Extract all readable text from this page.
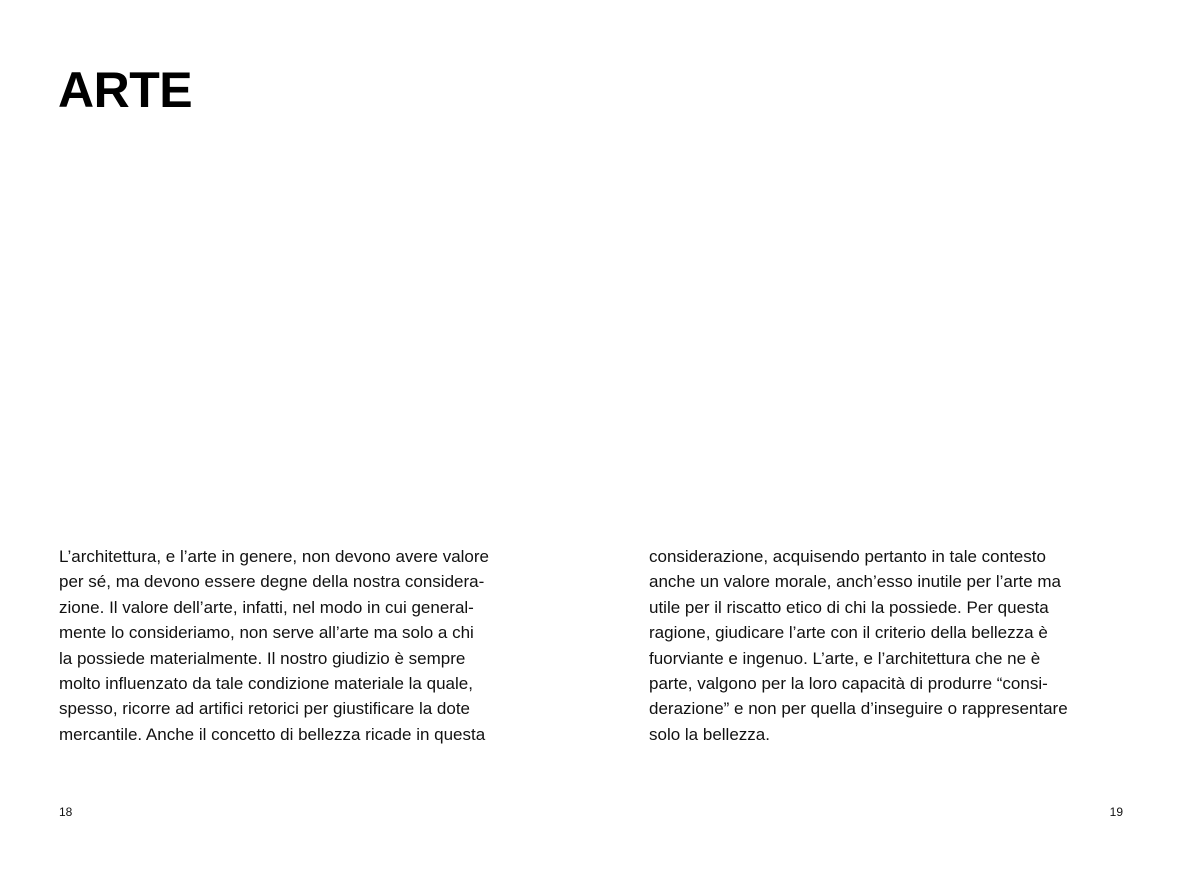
ARTE

L’architettura, e l’arte in genere, non devono avere valore
per sé, ma devono essere degne della nostra considera-
zione. Il valore dell’arte, infatti, nel modo in cui general-
mente lo consideriamo, non serve all’arte ma solo a chi
la possiede materialmente. Il nostro giudizio è sempre
molto influenzato da tale condizione materiale la quale,
spesso, ricorre ad artifici retorici per giustificare la dote
mercantile. Anche il concetto di bellezza ricade in questa

considerazione, acquisendo pertanto in tale contesto
anche un valore morale, anch’esso inutile per l’arte ma
utile per il riscatto etico di chi la possiede. Per questa
ragione, giudicare l’arte con il criterio della bellezza è
fuorviante e ingenuo. L’arte, e l’architettura che ne è
parte, valgono per la loro capacità di produrre “consi-
derazione” e non per quella d’inseguire o rappresentare
solo la bellezza.

18	19
